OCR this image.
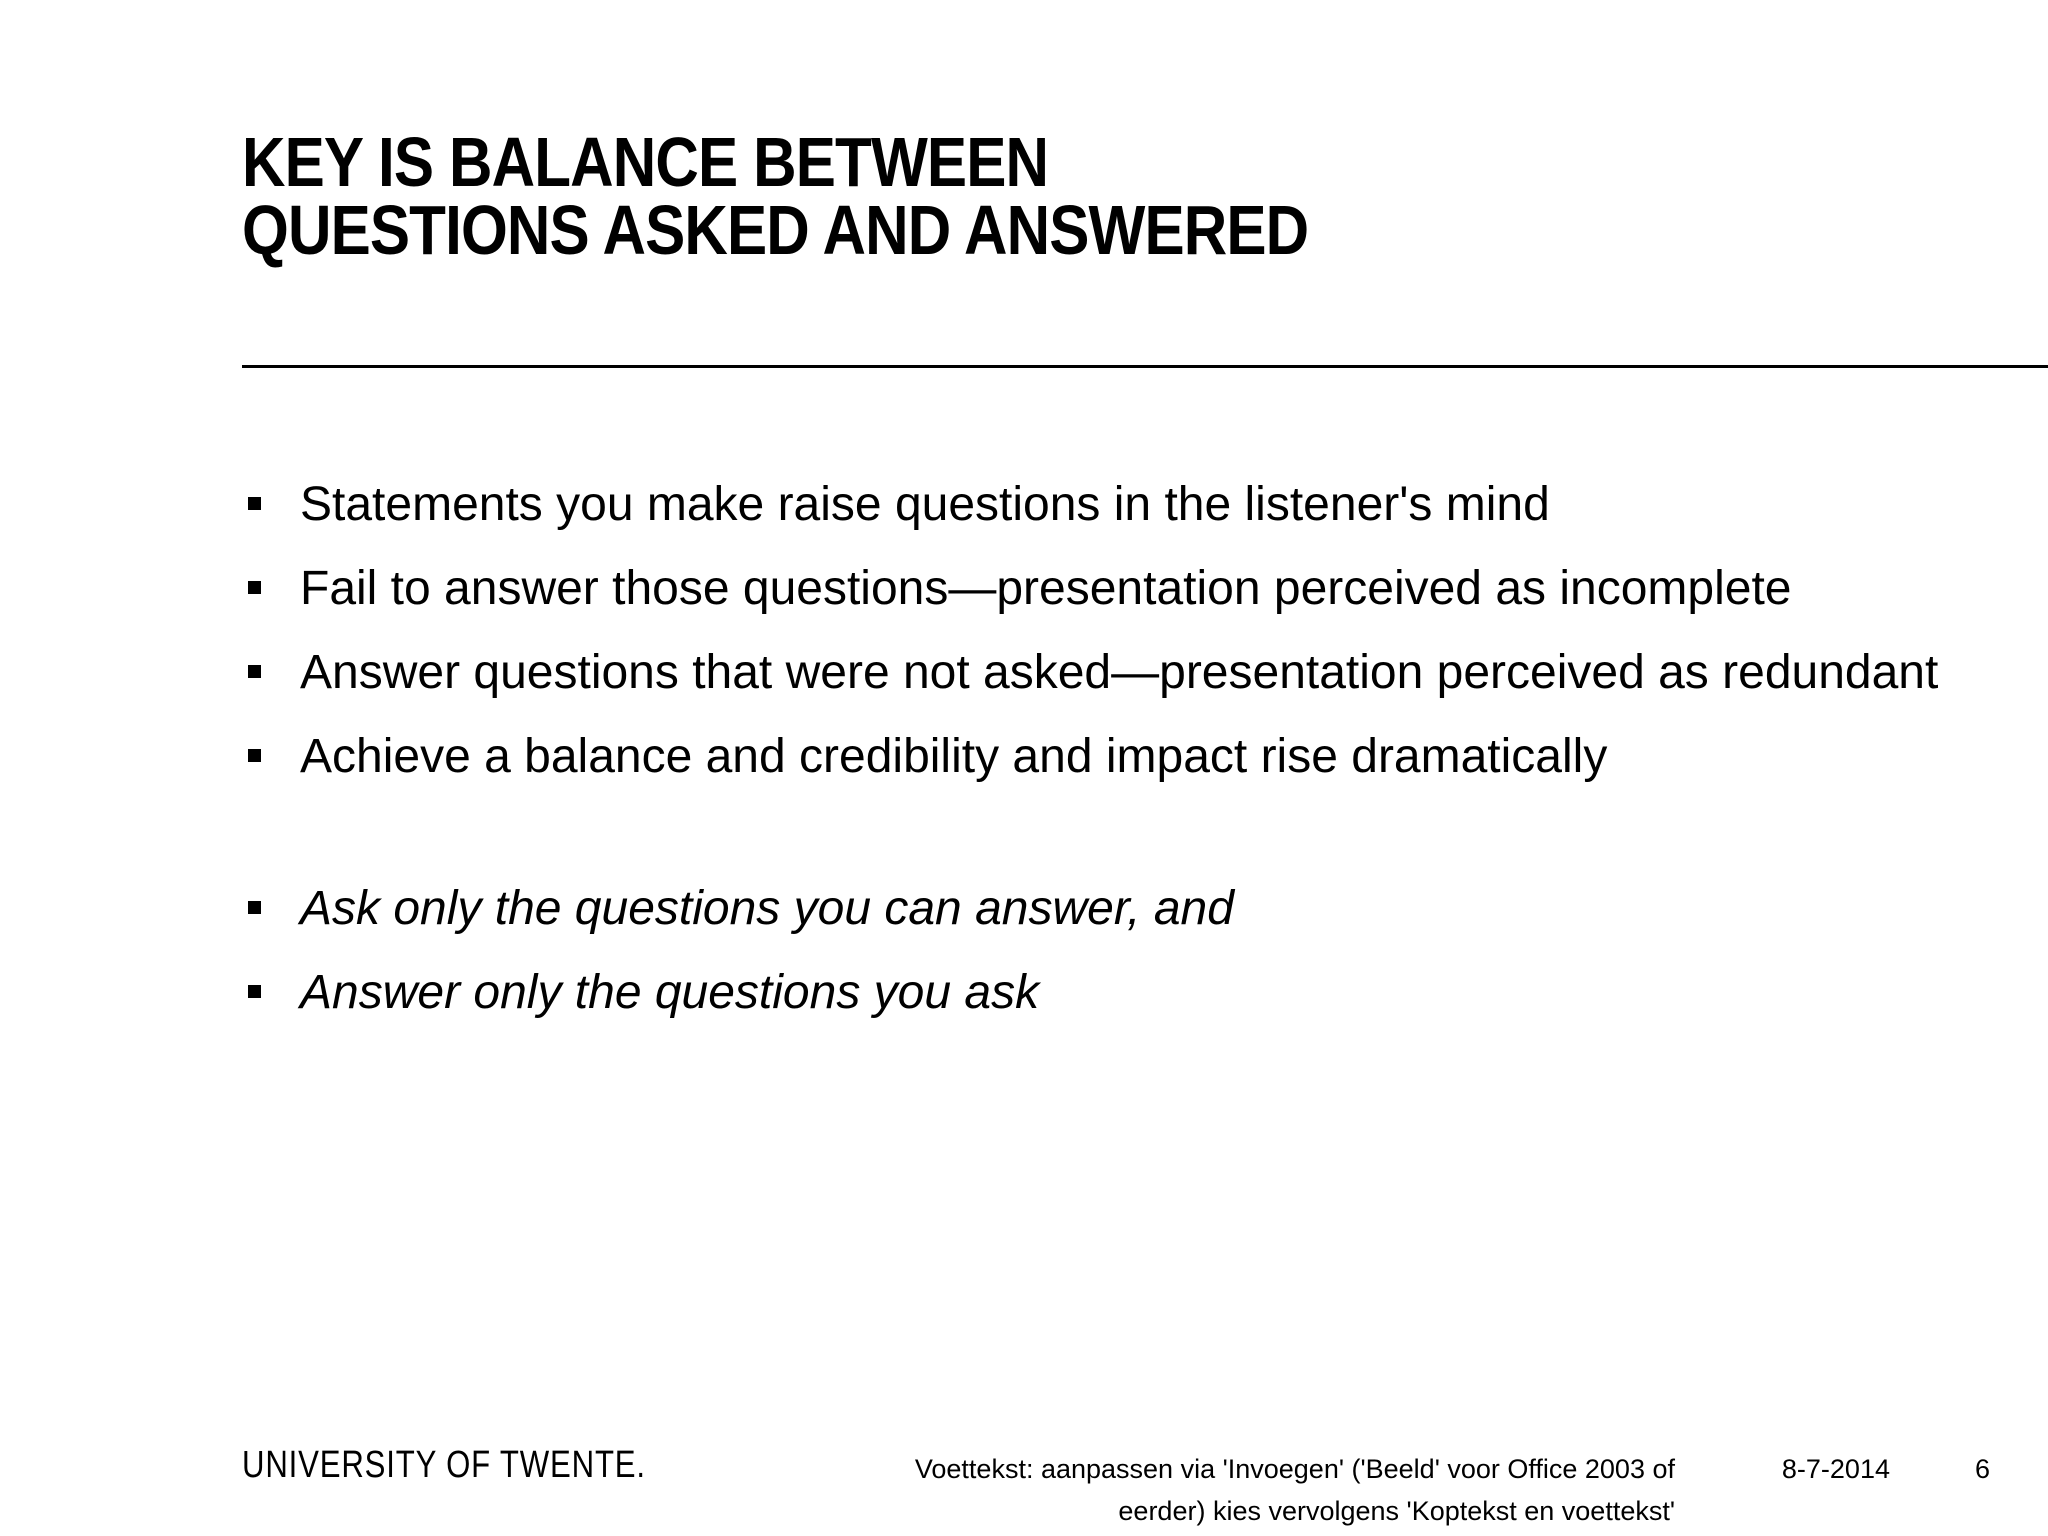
KEY IS BALANCE BETWEEN
QUESTIONS ASKED AND ANSWERED
Statements you make raise questions in the listener's mind
Fail to answer those questions—presentation perceived as incomplete
Answer questions that were not asked—presentation perceived as redundant
Achieve a balance and credibility and impact rise dramatically
Ask only the questions you can answer, and
Answer only the questions you ask
UNIVERSITY OF TWENTE.	Voettekst: aanpassen via 'Invoegen' ('Beeld' voor Office 2003 of eerder) kies vervolgens 'Koptekst en voettekst'
8-7-2014	6
